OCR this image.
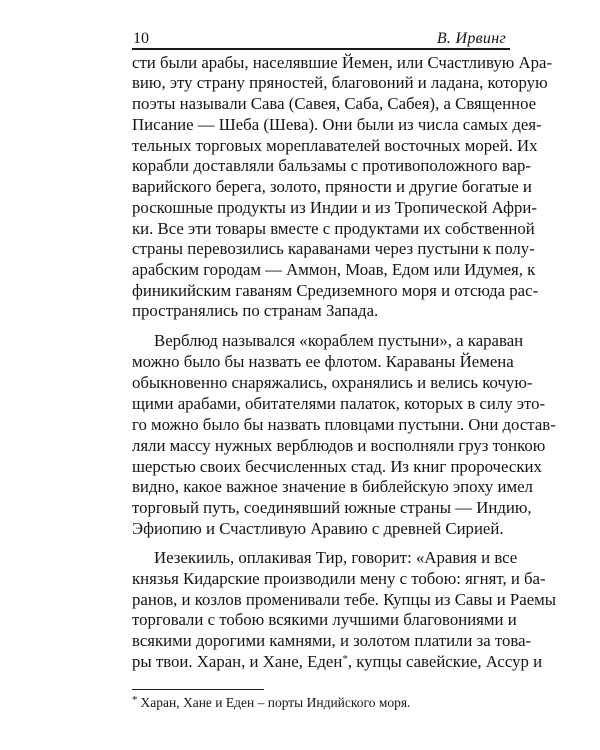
10	В. Ирвинг
сти были арабы, населявшие Йемен, или Счастливую Ара-
вию, эту страну пряностей, благовоний и ладана, которую
поэты называли Сава (Савея, Саба, Сабея), а Священное
Писание — Шеба (Шева). Они были из числа самых дея-
тельных торговых мореплавателей восточных морей. Их
корабли доставляли бальзамы с противоположного вар-
варийского берега, золото, пряности и другие богатые и
роскошные продукты из Индии и из Тропической Афри-
ки. Все эти товары вместе с продуктами их собственной
страны перевозились караванами через пустыни к полу-
арабским городам — Аммон, Моав, Едом или Идумея, к
финикийским гаваням Средиземного моря и отсюда рас-
пространялись по странам Запада.
Верблюд назывался «кораблем пустыни», а караван
можно было бы назвать ее флотом. Караваны Йемена
обыкновенно снаряжались, охранялись и велись кочую-
щими арабами, обитателями палаток, которых в силу это-
го можно было бы назвать пловцами пустыни. Они достав-
ляли массу нужных верблюдов и восполняли груз тонкою
шерстью своих бесчисленных стад. Из книг пророческих
видно, какое важное значение в библейскую эпоху имел
торговый путь, соединявший южные страны — Индию,
Эфиопию и Счастливую Аравию с древней Сирией.
Иезекииль, оплакивая Тир, говорит: «Аравия и все
князья Кидарские производили мену с тобою: ягнят, и ба-
ранов, и козлов променивали тебе. Купцы из Савы и Раемы
торговали с тобою всякими лучшими благовониями и
всякими дорогими камнями, и золотом платили за това-
ры твои. Харан, и Хане, Еден*, купцы савейские, Ассур и
* Харан, Хане и Еден – порты Индийского моря.
